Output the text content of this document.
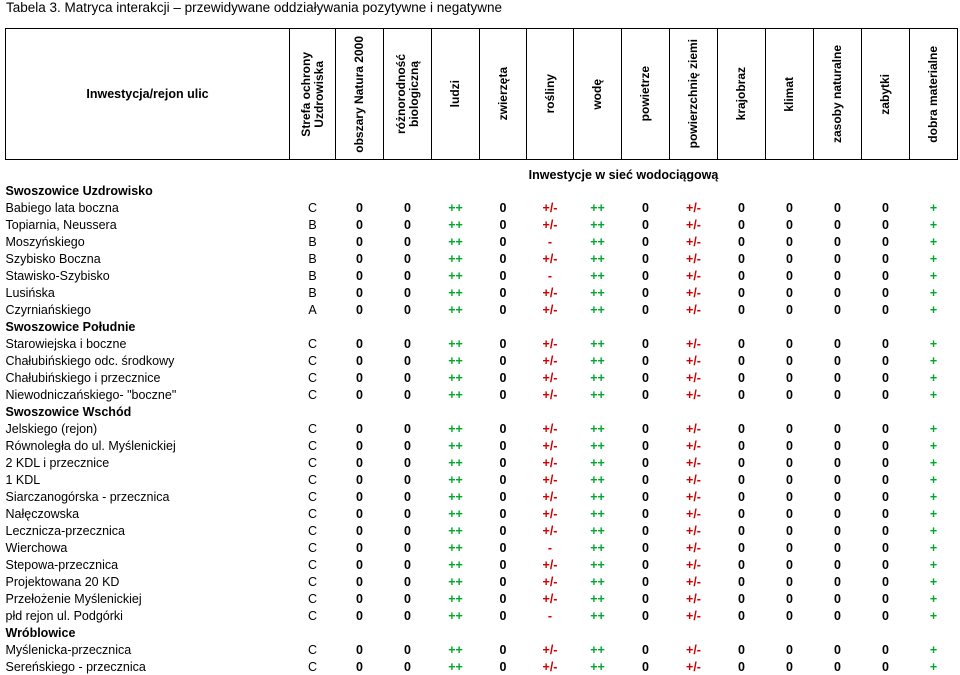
Tabela 3. Matryca interakcji – przewidywane oddziaływania pozytywne i negatywne
Inwestycja/rejon ulic	Strefa ochrony
Uzdrowiska	obszary Natura 2000	różnorodność
biologiczną	ludzi	zwierzęta	rośliny	wodę	powietrze	powierzchnię ziemi	krajobraz	klimat	zasoby naturalne	zabytki	dobra materialne

	Inwestycje w sieć wodociągową													
Swoszowice Uzdrowisko														
Babiego lata boczna	C	0	0	++	0	+/-	++	0	+/-	0	0	0	0	+
Topiarnia, Neussera	B	0	0	++	0	+/-	++	0	+/-	0	0	0	0	+
Moszyńskiego	B	0	0	++	0	-	++	0	+/-	0	0	0	0	+
Szybisko Boczna	B	0	0	++	0	+/-	++	0	+/-	0	0	0	0	+
Stawisko-Szybisko	B	0	0	++	0	-	++	0	+/-	0	0	0	0	+
Lusińska	B	0	0	++	0	+/-	++	0	+/-	0	0	0	0	+
Czyrniańskiego	A	0	0	++	0	+/-	++	0	+/-	0	0	0	0	+
Swoszowice Południe														
Starowiejska i boczne	C	0	0	++	0	+/-	++	0	+/-	0	0	0	0	+
Chałubińskiego odc. środkowy	C	0	0	++	0	+/-	++	0	+/-	0	0	0	0	+
Chałubińskiego i przecznice	C	0	0	++	0	+/-	++	0	+/-	0	0	0	0	+
Niewodniczańskiego- "boczne"	C	0	0	++	0	+/-	++	0	+/-	0	0	0	0	+
Swoszowice Wschód														
Jelskiego (rejon)	C	0	0	++	0	+/-	++	0	+/-	0	0	0	0	+
Równoległa do ul. Myślenickiej	C	0	0	++	0	+/-	++	0	+/-	0	0	0	0	+
2 KDL i przecznice	C	0	0	++	0	+/-	++	0	+/-	0	0	0	0	+
1 KDL	C	0	0	++	0	+/-	++	0	+/-	0	0	0	0	+
Siarczanogórska - przecznica	C	0	0	++	0	+/-	++	0	+/-	0	0	0	0	+
Nałęczowska	C	0	0	++	0	+/-	++	0	+/-	0	0	0	0	+
Lecznicza-przecznica	C	0	0	++	0	+/-	++	0	+/-	0	0	0	0	+
Wierchowa	C	0	0	++	0	-	++	0	+/-	0	0	0	0	+
Stepowa-przecznica	C	0	0	++	0	+/-	++	0	+/-	0	0	0	0	+
Projektowana 20 KD	C	0	0	++	0	+/-	++	0	+/-	0	0	0	0	+
Przełożenie Myślenickiej	C	0	0	++	0	+/-	++	0	+/-	0	0	0	0	+
płd rejon ul. Podgórki	C	0	0	++	0	-	++	0	+/-	0	0	0	0	+
Wróblowice														
Myślenicka-przecznica	C	0	0	++	0	+/-	++	0	+/-	0	0	0	0	+
Sereńskiego - przecznica	C	0	0	++	0	+/-	++	0	+/-	0	0	0	0	+
